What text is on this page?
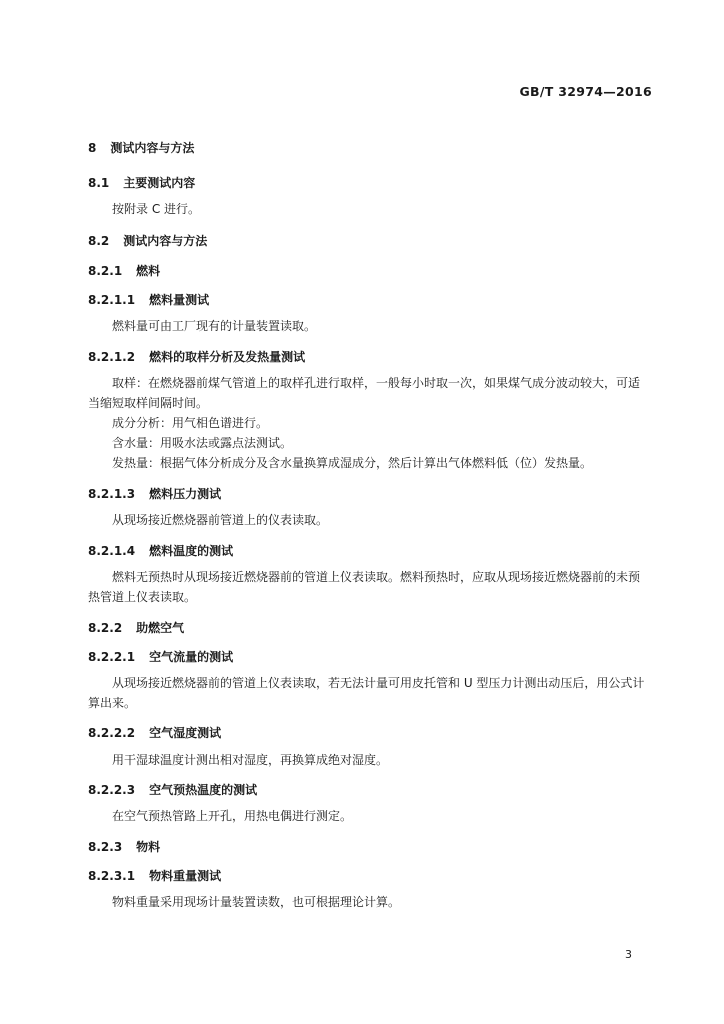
GB/T 32974—2016
8 测试内容与方法
8.1 主要测试内容
按附录 C 进行。
8.2 测试内容与方法
8.2.1 燃料
8.2.1.1 燃料量测试
燃料量可由工厂现有的计量装置读取。
8.2.1.2 燃料的取样分析及发热量测试
取样：在燃烧器前煤气管道上的取样孔进行取样，一般每小时取一次，如果煤气成分波动较大，可适当缩短取样间隔时间。
成分分析：用气相色谱进行。
含水量：用吸水法或露点法测试。
发热量：根据气体分析成分及含水量换算成湿成分，然后计算出气体燃料低（位）发热量。
8.2.1.3 燃料压力测试
从现场接近燃烧器前管道上的仪表读取。
8.2.1.4 燃料温度的测试
燃料无预热时从现场接近燃烧器前的管道上仪表读取。燃料预热时，应取从现场接近燃烧器前的未预热管道上仪表读取。
8.2.2 助燃空气
8.2.2.1 空气流量的测试
从现场接近燃烧器前的管道上仪表读取，若无法计量可用皮托管和 U 型压力计测出动压后，用公式计算出来。
8.2.2.2 空气湿度测试
用干湿球温度计测出相对湿度，再换算成绝对湿度。
8.2.2.3 空气预热温度的测试
在空气预热管路上开孔，用热电偶进行测定。
8.2.3 物料
8.2.3.1 物料重量测试
物料重量采用现场计量装置读数，也可根据理论计算。
3
